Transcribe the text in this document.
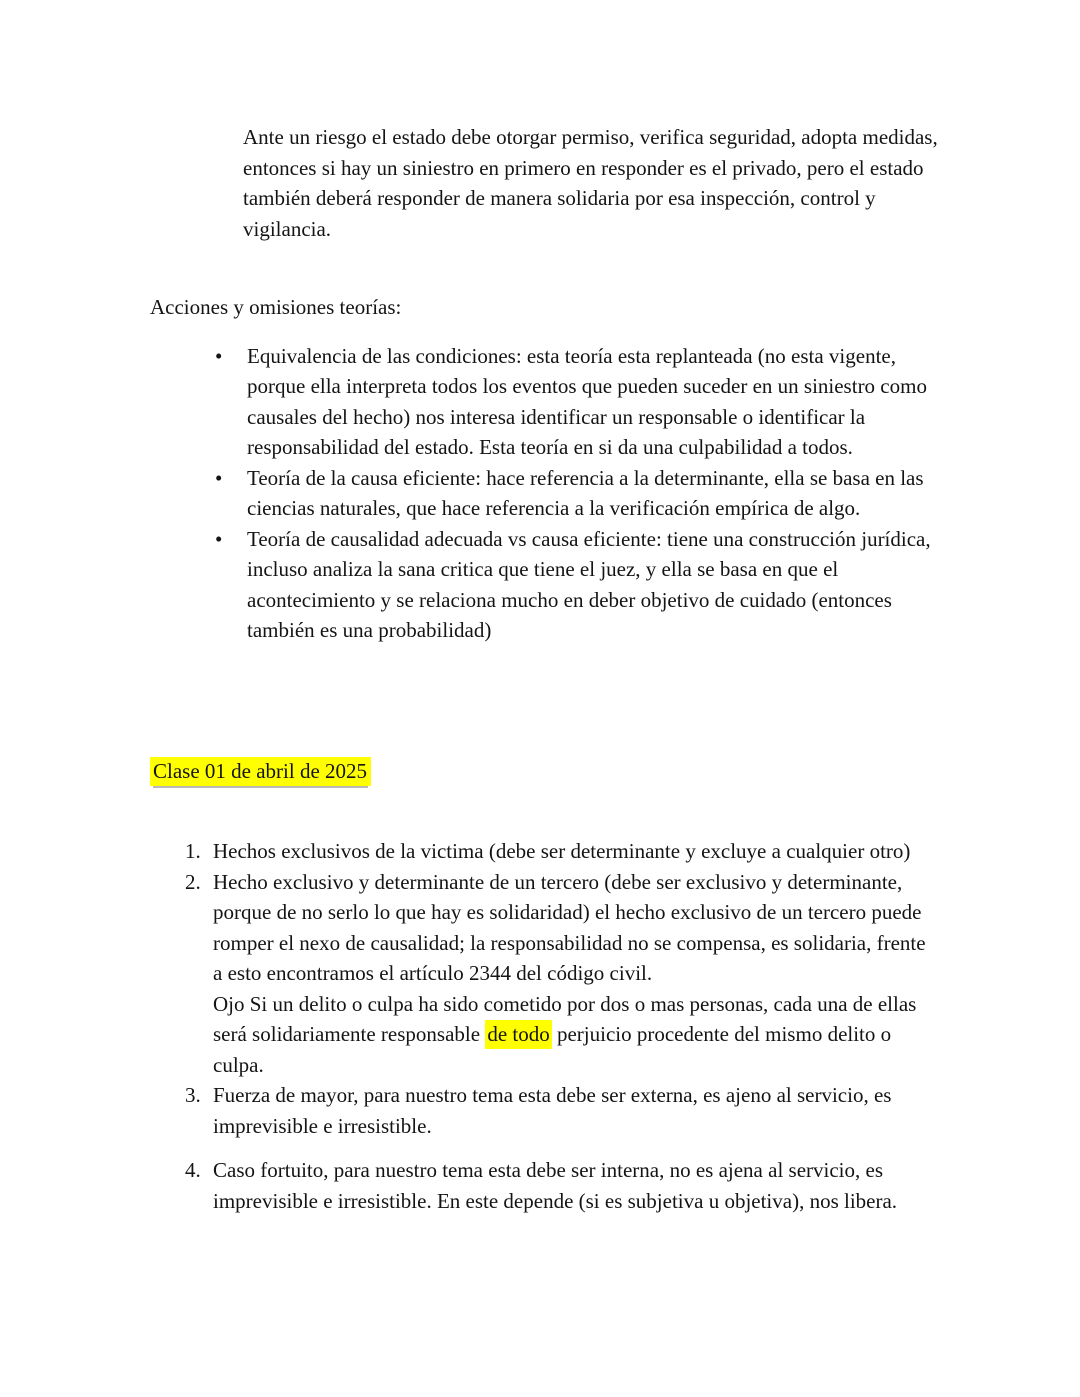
Ante un riesgo el estado debe otorgar permiso, verifica seguridad, adopta medidas, entonces si hay un siniestro en primero en responder es el privado, pero el estado también deberá responder de manera solidaria por esa inspección, control y vigilancia.

Acciones y omisiones teorías:

• Equivalencia de las condiciones: esta teoría esta replanteada (no esta vigente, porque ella interpreta todos los eventos que pueden suceder en un siniestro como causales del hecho) nos interesa identificar un responsable o identificar la responsabilidad del estado. Esta teoría en si da una culpabilidad a todos.
• Teoría de la causa eficiente: hace referencia a la determinante, ella se basa en las ciencias naturales, que hace referencia a la verificación empírica de algo.
• Teoría de causalidad adecuada vs causa eficiente: tiene una construcción jurídica, incluso analiza la sana critica que tiene el juez, y ella se basa en que el acontecimiento y se relaciona mucho en deber objetivo de cuidado (entonces también es una probabilidad)

Clase 01 de abril de 2025

1. Hechos exclusivos de la victima (debe ser determinante y excluye a cualquier otro)
2. Hecho exclusivo y determinante de un tercero (debe ser exclusivo y determinante, porque de no serlo lo que hay es solidaridad) el hecho exclusivo de un tercero puede romper el nexo de causalidad; la responsabilidad no se compensa, es solidaria, frente a esto encontramos el artículo 2344 del código civil.
Ojo Si un delito o culpa ha sido cometido por dos o mas personas, cada una de ellas será solidariamente responsable de todo perjuicio procedente del mismo delito o culpa.
3. Fuerza de mayor, para nuestro tema esta debe ser externa, es ajeno al servicio, es imprevisible e irresistible.
4. Caso fortuito, para nuestro tema esta debe ser interna, no es ajena al servicio, es imprevisible e irresistible. En este depende (si es subjetiva u objetiva), nos libera.
